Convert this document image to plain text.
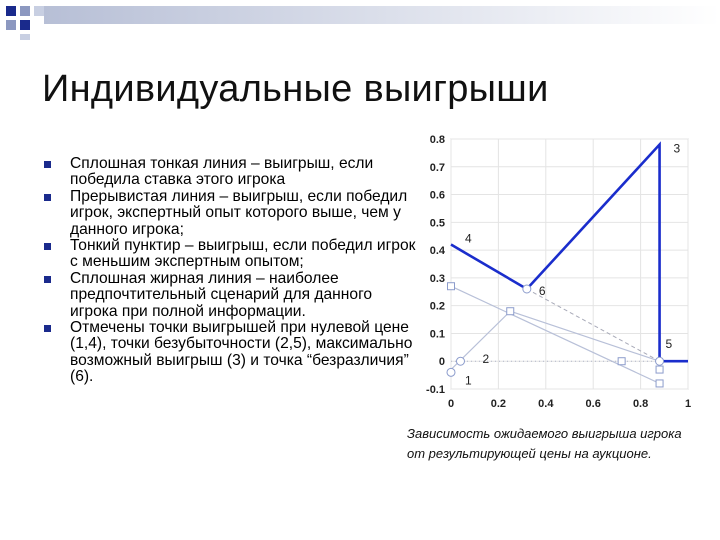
Индивидуальные выигрыши
Сплошная тонкая линия – выигрыш, если победила ставка этого игрока
Прерывистая линия – выигрыш, если победил игрок, экспертный опыт которого выше, чем у данного игрока;
Тонкий пунктир – выигрыш, если победил игрок с меньшим экспертным опытом;
Сплошная жирная линия – наиболее предпочтительный сценарий для данного игрока при полной информации.
Отмечены точки выигрышей при нулевой цене (1,4), точки безубыточности (2,5), максимально возможный выигрыш (3) и точка “безразличия” (6).
0	0.2	0.4	0.6	0.8	1
-0.1
0
0.1
0.2
0.3
0.4
0.5
0.6
0.7
0.8
1
2
3
4
5
6
Зависимость ожидаемого выигрыша игрока от результирующей цены на аукционе.
